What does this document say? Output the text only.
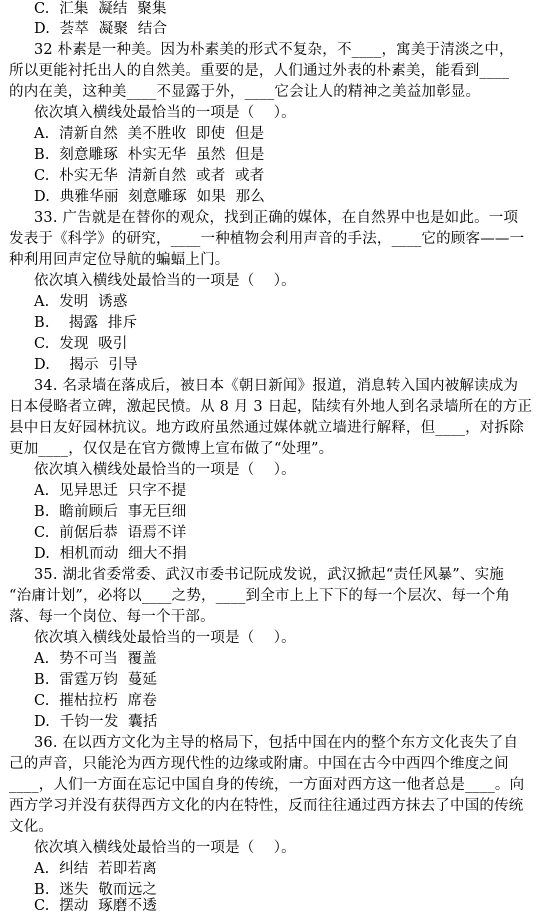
C.  汇集  凝结  聚集
D.  荟萃  凝聚  结合
32 朴素是一种美。因为朴素美的形式不复杂，不____，寓美于清淡之中，
所以更能衬托出人的自然美。重要的是，人们通过外表的朴素美，能看到____
的内在美，这种美____不显露于外，____它会让人的精神之美益加彰显。
依次填入横线处最恰当的一项是（    ）。
A.  清新自然  美不胜收  即使  但是
B.  刻意雕琢  朴实无华  虽然  但是
C.  朴实无华  清新自然  或者  或者
D.  典雅华丽  刻意雕琢  如果  那么
33. 广告就是在替你的观众，找到正确的媒体，在自然界中也是如此。一项
发表于《科学》的研究，____一种植物会利用声音的手法，____它的顾客——一
种利用回声定位导航的蝙蝠上门。
依次填入横线处最恰当的一项是（    ）。
A.  发明  诱惑
B.    揭露  排斥
C.  发现  吸引
D.    揭示  引导
34. 名录墙在落成后，被日本《朝日新闻》报道，消息转入国内被解读成为
日本侵略者立碑，激起民愤。从 8 月 3 日起，陆续有外地人到名录墙所在的方正
县中日友好园林抗议。地方政府虽然通过媒体就立墙进行解释，但____，对拆除
更加____，仅仅是在官方微博上宣布做了“处理”。
依次填入横线处最恰当的一项是（    ）。
A.  见异思迁  只字不提
B.  瞻前顾后  事无巨细
C.  前倨后恭  语焉不详
D.  相机而动  细大不捐
35. 湖北省委常委、武汉市委书记阮成发说，武汉掀起“责任风暴”、实施
“治庸计划”，必将以____之势，____到全市上上下下的每一个层次、每一个角
落、每一个岗位、每一个干部。
依次填入横线处最恰当的一项是（    ）。
A.  势不可当  覆盖
B.  雷霆万钧  蔓延
C.  摧枯拉朽  席卷
D.  千钧一发  囊括
36. 在以西方文化为主导的格局下，包括中国在内的整个东方文化丧失了自
己的声音，只能沦为西方现代性的边缘或附庸。中国在古今中西四个维度之间
____，人们一方面在忘记中国自身的传统，一方面对西方这一他者总是____。向
西方学习并没有获得西方文化的内在特性，反而往往通过西方抹去了中国的传统
文化。
依次填入横线处最恰当的一项是（    ）。
A.  纠结  若即若离
B.  迷失  敬而远之
C.  摆动  琢磨不透
